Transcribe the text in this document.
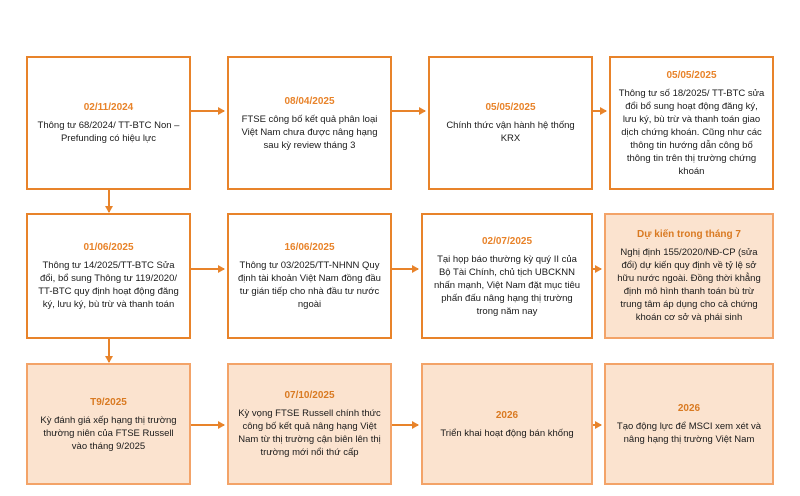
02/11/2024
Thông tư 68/2024/ TT-BTC Non – Prefunding có hiệu lực
08/04/2025
FTSE công bố kết quả phân loại Việt Nam chưa được nâng hạng sau kỳ review tháng 3
05/05/2025
Chính thức vận hành hệ thống KRX
05/05/2025
Thông tư số 18/2025/ TT-BTC sửa đổi bổ sung hoạt động đăng ký, lưu ký, bù trừ và thanh toán giao dịch chứng khoán. Cũng như các thông tin hướng dẫn công bố thông tin trên thị trường chứng khoán
01/06/2025
Thông tư 14/2025/TT-BTC Sửa đổi, bổ sung Thông tư 119/2020/ TT-BTC quy định hoạt động đăng ký, lưu ký, bù trừ và thanh toán
16/06/2025
Thông tư 03/2025/TT-NHNN Quy định tài khoản Việt Nam đồng đầu tư gián tiếp cho nhà đầu tư nước ngoài
02/07/2025
Tại họp báo thường kỳ quý II của Bộ Tài Chính, chủ tịch UBCKNN nhấn mạnh, Việt Nam đặt mục tiêu phấn đấu nâng hạng thị trường trong năm nay
Dự kiến trong tháng 7
Nghị định 155/2020/NĐ-CP (sửa đổi) dự kiến quy định về tỷ lệ sở hữu nước ngoài. Đồng thời khẳng định mô hình thanh toán bù trừ trung tâm áp dụng cho cả chứng khoán cơ sở và phái sinh
T9/2025
Kỳ đánh giá xếp hạng thị trường thường niên của FTSE Russell vào tháng 9/2025
07/10/2025
Kỳ vọng FTSE Russell chính thức công bố kết quả nâng hạng Việt Nam từ thị trường cận biên lên thị trường mới nổi thứ cấp
2026
Triển khai hoạt động bán khống
2026
Tạo động lực để MSCI xem xét và nâng hạng thị trường Việt Nam
